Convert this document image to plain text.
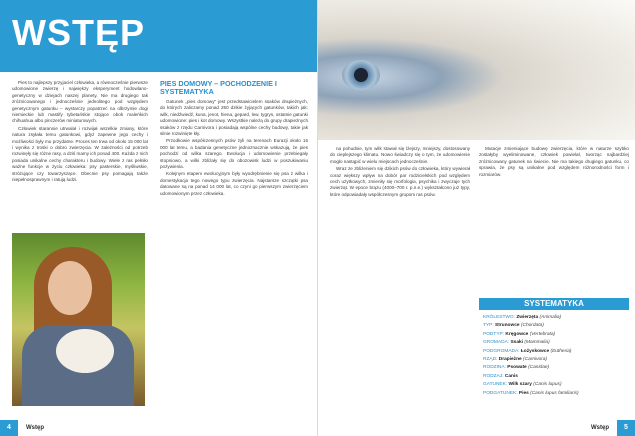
WSTĘP

Pies to najlepszy przyjaciel człowieka, a równocześnie pierwsze udomowione zwierzę i najwiękzy eksperyment hodowlano-genetyczny w dziejach naszej planety. Nie ma drugiego tak zróżnicowanego i jednocześnie jednolitego pod względem genetycznym gatunku – wystarczy popatrzeć na olbrzymie dogi niemieckie lub mastify tybetańskie stojące obok maleńkich chihuahua albo pinczerów miniaturowych.

Człowiek starannie utrwalał i rozwijał wszelkie zmiany, które natura zsyłała temu gatunkowi, gdyż zapewne jego cechy i możliwości były mu przydatne. Proces ten trwa od około 15 000 lat i wynika z troski o dobro zwierzęcia. W zależności od potrzeb rozwinęły się różne rasy, a dziś mamy ich ponad 400. Każda z nich posiada unikalne cechy charakteru i budowy. Wiele z ras pełniło ważne funkcje w życiu człowieka: psy pasterskie, myśliwskie, stróżujące czy towarzyszące. Obecnie psy pomagają także niepełnosprawnym i ratują ludzi.

PIES DOMOWY – POCHODZENIE I SYSTEMATYKA

Gatunek „pies domowy” jest przedstawicielem ssaków drapieżnych, do których zaliczamy ponad 250 dzikie żyjących gatunków, takich jak: wilk, niedźwiedź, kuna, jenot, hiena, gepard, lew, tygrys, ostatnie gatunki udomowione: pies i kot domowy. Wszystkie należą do grupy drapieżnych ssaków z rzędu Carnivora i posiadają wspólne cechy budowy, takie jak silnie rozwinięte kły.

Przodkowie współczesnych psów żyli na terenach Eurazji około 15 000 lat temu, a badania genetyczne jednoznacznie wskazują, że pies pochodzi od wilka szarego. Ewolucja i udomowienie przebiegały stopniowo, a wilki zbliżały się do obozowisk ludzi w poszukiwaniu pożywienia.

Kolejnym etapem ewolucyjnym były wyodrębnienie się psa z wilka i domestykacja tego nowego typu zwierzęcia. Najstarsze szczątki psa datowane są na ponad 14 000 lat, co czyni go pierwszym zwierzęciem udomowionym przez człowieka.

4	Wstęp

na pohudnie, tym wilk stawał się lżejszy, mniejszy, dostosowany do cieplejszego klimatu. Nowo świadczy się o tym, że udomowienie mogło nastąpić w wielu miejscach jednocześnie.

Wraz ze zbliżeniem się dzikich psów do człowieka, który wywierał coraz większy wpływ na dobór par rodzicielskich pod względem cech użytkowych, zmieniły się morfologia, psychika i zwyczaje tych zwierząt. W epoce brązu (4000–700 r. p.n.e.) wykształcono już typy, które odpowiadały współczesnym grupom ras psów.

Mutacje zmieniające budowę zwierzęcia, które w naturze szybko zostałyby wyeliminowane, człowiek powielał, tworząc najbardziej zróżnicowany gatunek na świecie. Nie ma takiego drugiego gatunku, co sprawia, że psy są unikalne pod względem różnorodności form i rozmiarów.

SYSTEMATYKA
KRÓLESTWO: Zwierzęta (Animalia)
TYP: Strunowce (Chordata)
PODTYP: Kręgowce (Vertebrata)
GROMADA: Ssaki (Mammalia)
PODGROMADA: Łożyskowce (Eutheria)
RZĄD: Drapieżne (Carnivora)
RODZINA: Psowate (Canidae)
RODZAJ: Canis
GATUNEK: Wilk szary (Canis lupus)
PODGATUNEK: Pies (Canis lupus familiaris)
Wstęp	5
